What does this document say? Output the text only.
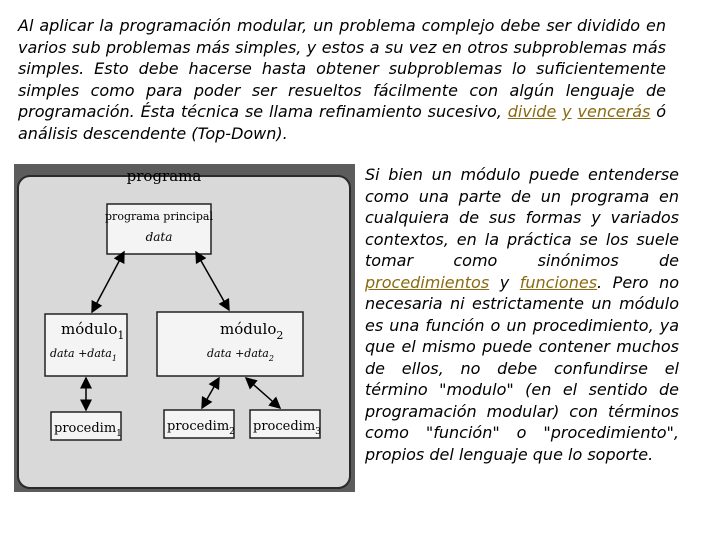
Al aplicar la programación modular, un problema complejo debe ser dividido en varios sub problemas más simples, y estos a su vez en otros subproblemas más simples. Esto debe hacerse hasta obtener subproblemas lo suficientemente simples como para poder ser resueltos fácilmente con algún lenguaje de programación. Ésta técnica se llama refinamiento sucesivo, divide y vencerás ó análisis descendente (Top-Down).

programa
programa principal
data
módulo$_1$
data +data$_1$
módulo$_2$
data +data$_2$
procedim$_1$	procedim$_2$ procedim$_3$

Si bien un módulo puede entenderse como una parte de un programa en cualquiera de sus formas y variados contextos, en la práctica se los suele tomar como sinónimos de procedimientos y funciones. Pero no necesaria ni estrictamente un módulo es una función o un procedimiento, ya que el mismo puede contener muchos de ellos, no debe confundirse el término "modulo" (en el sentido de programación modular) con términos como "función" o "procedimiento", propios del lenguaje que lo soporte.
